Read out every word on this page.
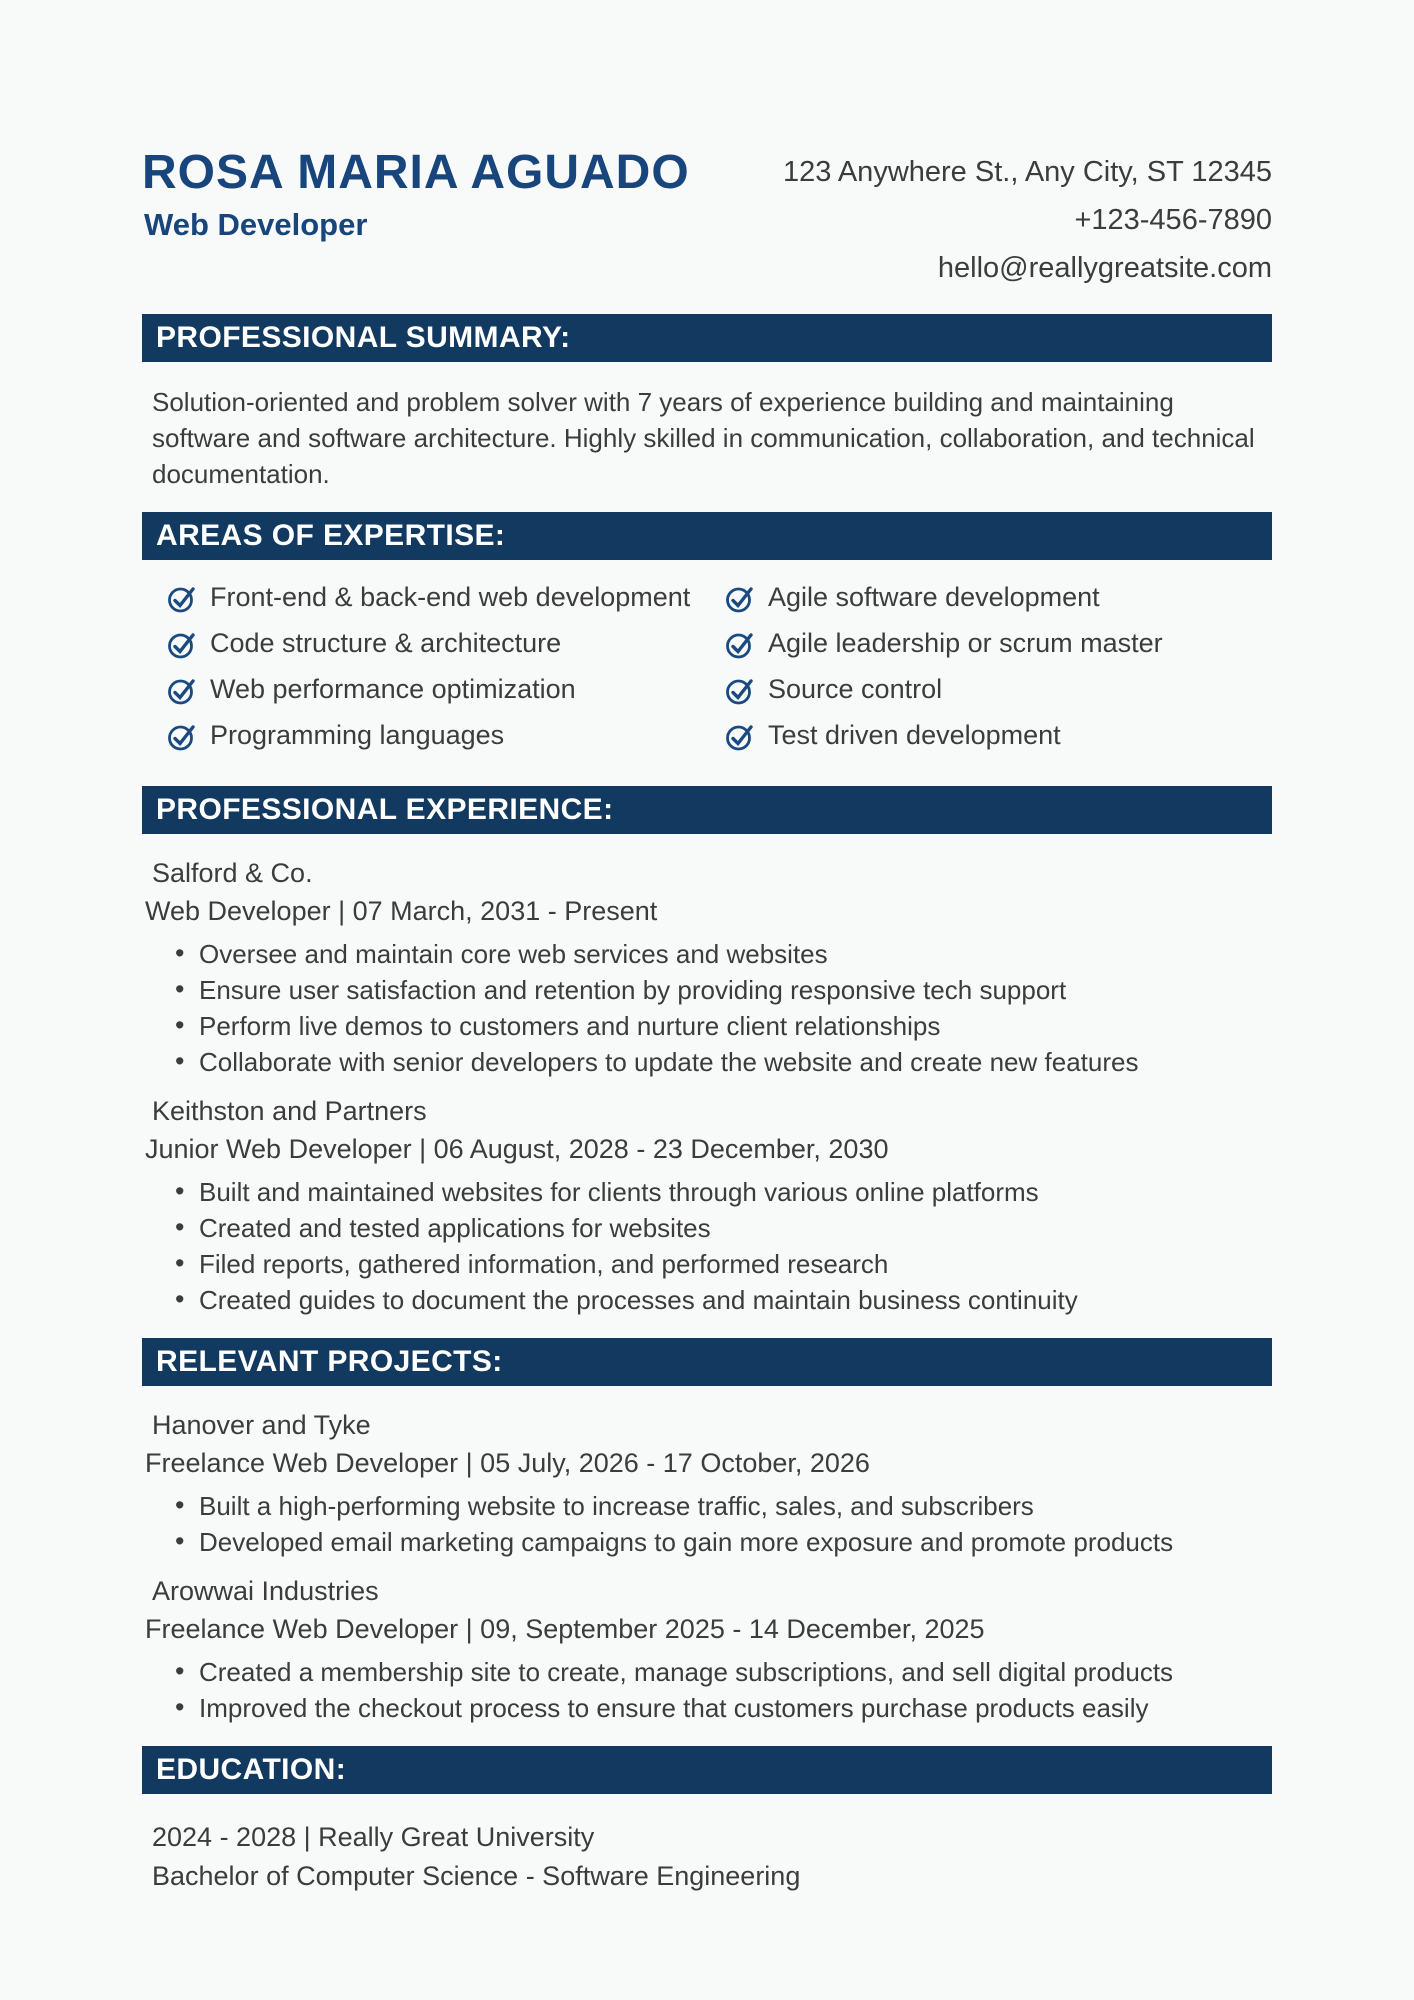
ROSA MARIA AGUADO
Web Developer
123 Anywhere St., Any City, ST 12345
+123-456-7890
hello@reallygreatsite.com
PROFESSIONAL SUMMARY:

Solution-oriented and problem solver with 7 years of experience building and maintaining software and software architecture. Highly skilled in communication, collaboration, and technical documentation.

AREAS OF EXPERTISE:
Front-end & back-end web development
Code structure & architecture
Web performance optimization
Programming languages
Agile software development
Agile leadership or scrum master
Source control
Test driven development
PROFESSIONAL EXPERIENCE:
Salford & Co.
Web Developer | 07 March, 2031 - Present
• Oversee and maintain core web services and websites
• Ensure user satisfaction and retention by providing responsive tech support
• Perform live demos to customers and nurture client relationships
• Collaborate with senior developers to update the website and create new features
Keithston and Partners
Junior Web Developer | 06 August, 2028 - 23 December, 2030
• Built and maintained websites for clients through various online platforms
• Created and tested applications for websites
• Filed reports, gathered information, and performed research
• Created guides to document the processes and maintain business continuity
RELEVANT PROJECTS:
Hanover and Tyke
Freelance Web Developer | 05 July, 2026 - 17 October, 2026
• Built a high-performing website to increase traffic, sales, and subscribers
• Developed email marketing campaigns to gain more exposure and promote products
Arowwai Industries
Freelance Web Developer | 09, September 2025 - 14 December, 2025
• Created a membership site to create, manage subscriptions, and sell digital products
• Improved the checkout process to ensure that customers purchase products easily
EDUCATION:
2024 - 2028 | Really Great University
Bachelor of Computer Science - Software Engineering
